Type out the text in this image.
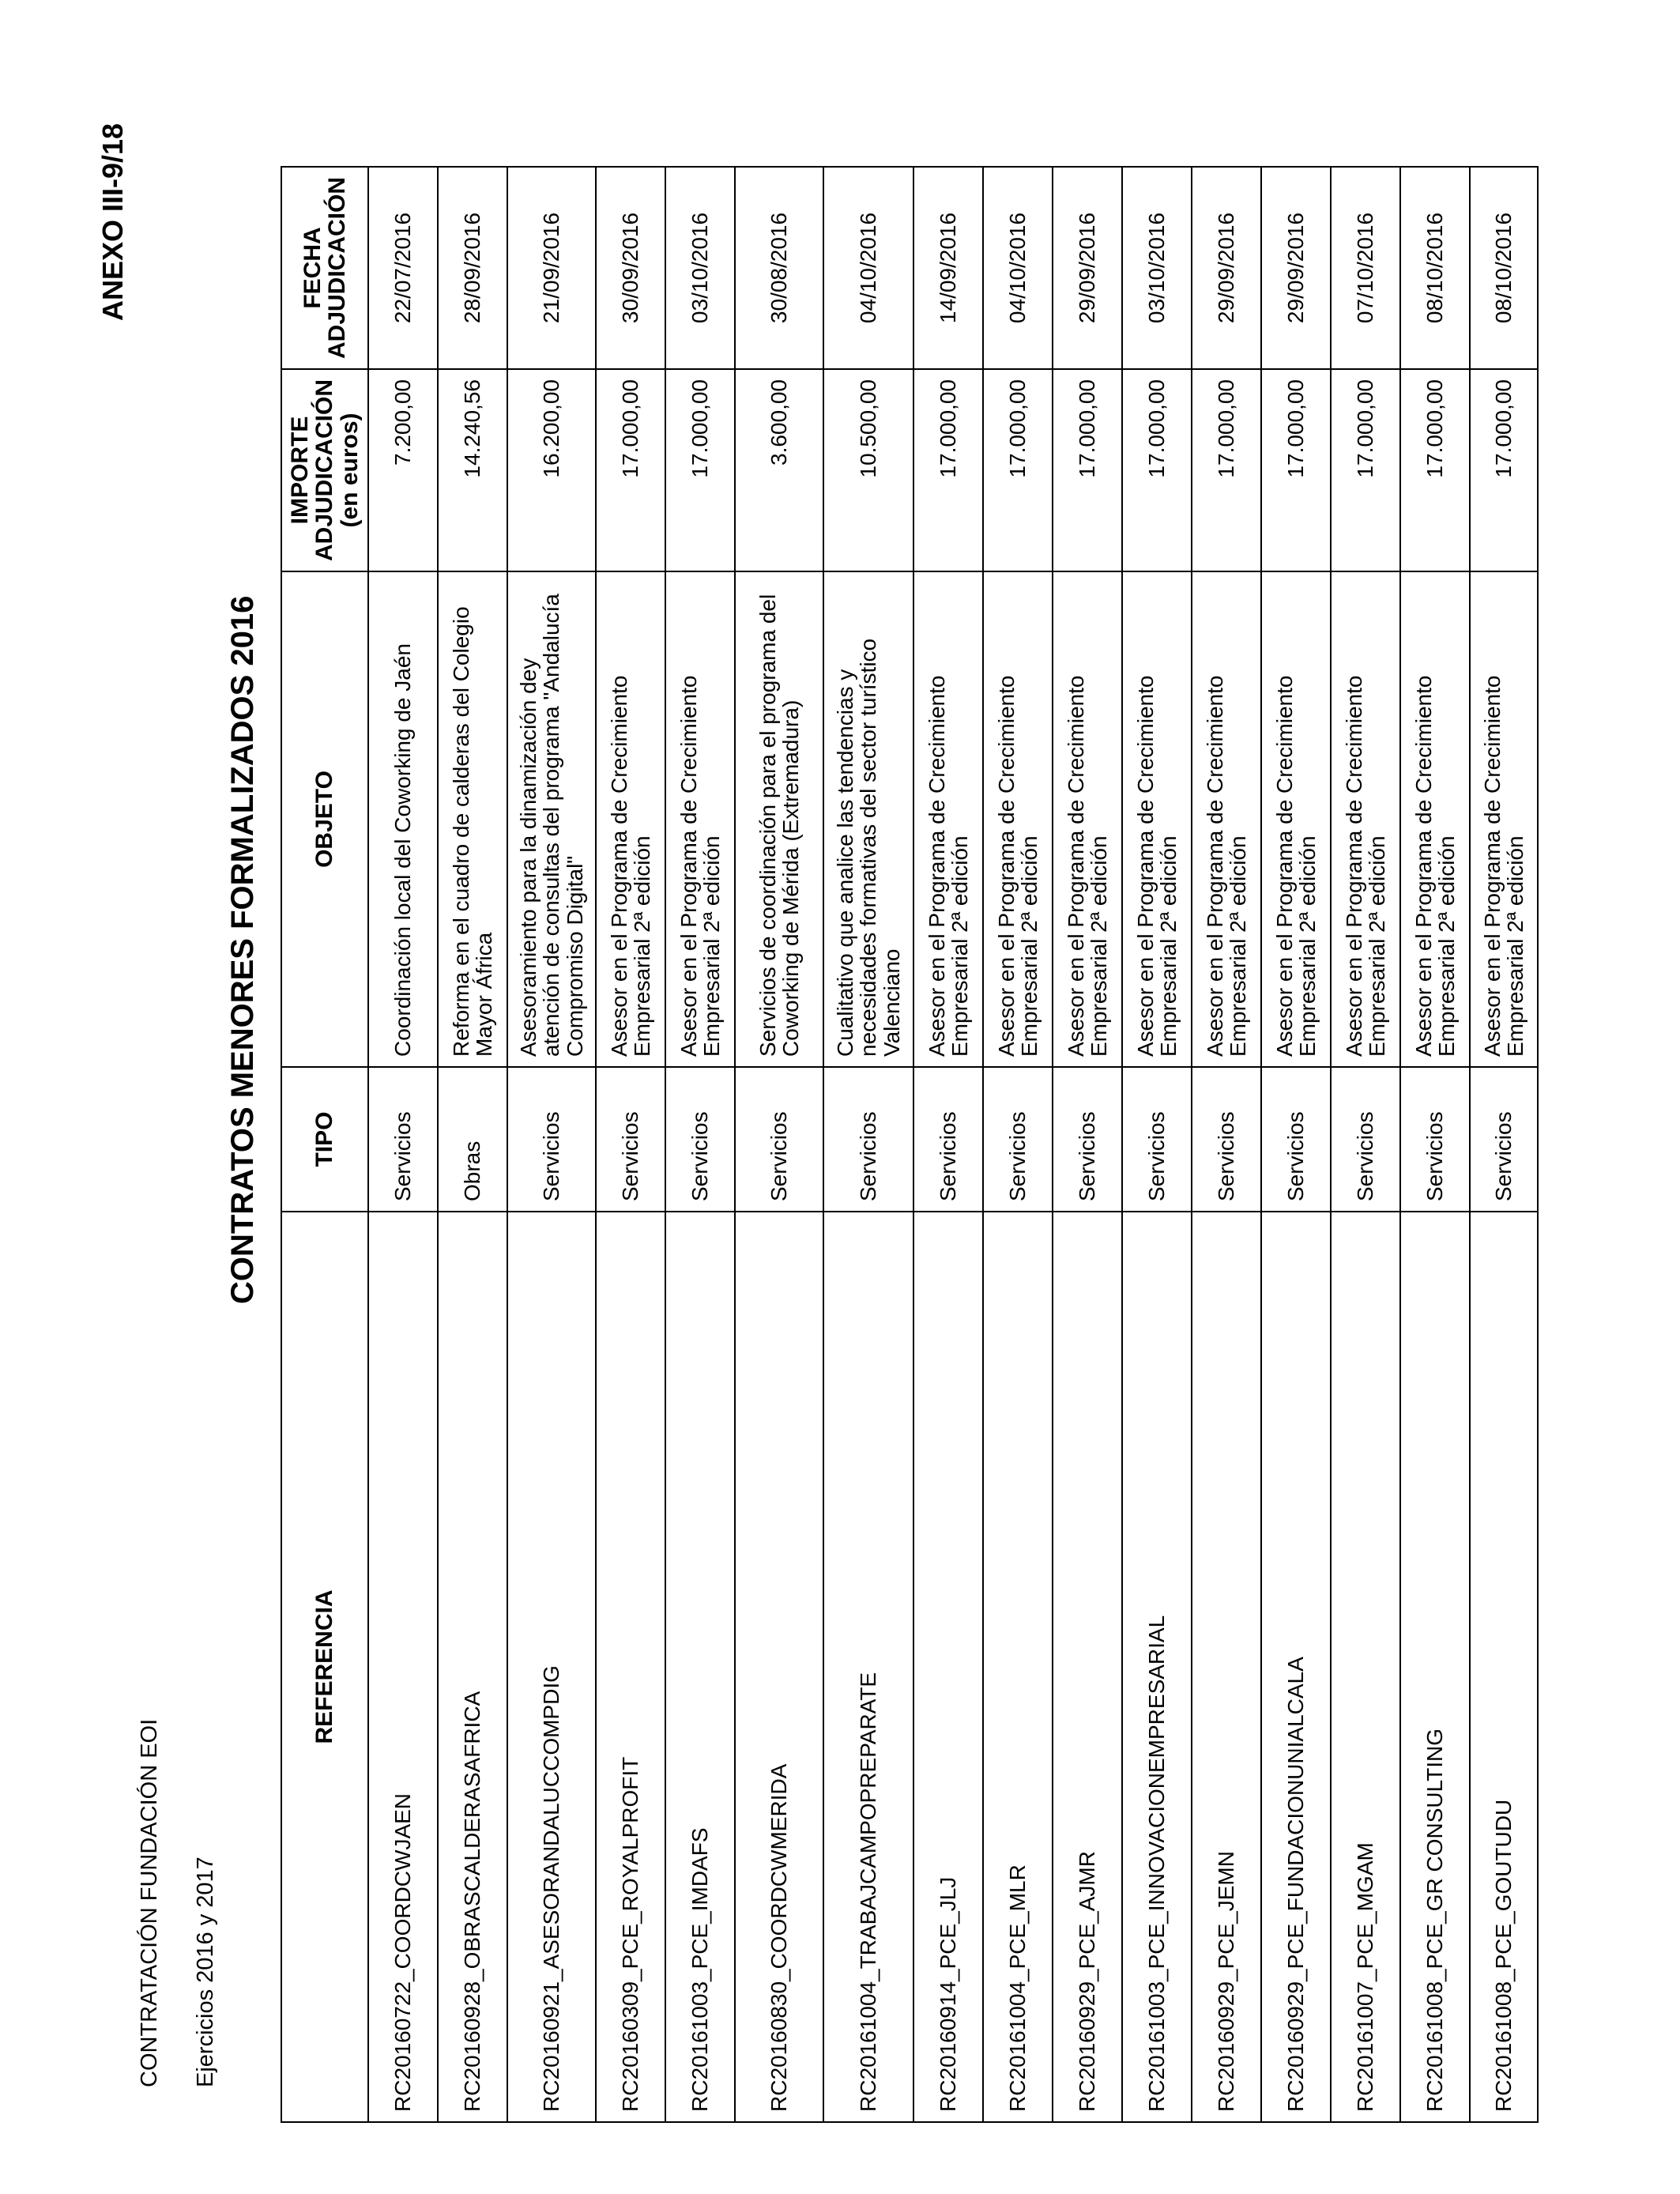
CONTRATACIÓN FUNDACIÓN EOI Ejercicios 2016 y 2017
ANEXO III-9/18
CONTRATOS MENORES FORMALIZADOS 2016
REFERENCIA	TIPO	OBJETO	IMPORTE ADJUDICACIÓN (en euros)	FECHA ADJUDICACIÓN
RC20160722_COORDCWJAEN	Servicios	Coordinación local del Coworking de Jaén	7.200,00	22/07/2016
RC20160928_OBRASCALDERASAFRICA	Obras	Reforma en el cuadro de calderas del Colegio Mayor África	14.240,56	28/09/2016
RC20160921_ASESORANDALUCCOMPDIG	Servicios	Asesoramiento para la dinamización dey atención de consultas del programa "Andalucía Compromiso Digital"	16.200,00	21/09/2016
RC20160309_PCE_ROYALPROFIT	Servicios	Asesor en el Programa de Crecimiento Empresarial 2ª edición	17.000,00	30/09/2016
RC20161003_PCE_IMDAFS	Servicios	Asesor en el Programa de Crecimiento Empresarial 2ª edición	17.000,00	03/10/2016
RC20160830_COORDCWMERIDA	Servicios	Servicios de coordinación para el programa del Coworking de Mérida (Extremadura)	3.600,00	30/08/2016
RC20161004_TRABAJCAMPOPREPARATE	Servicios	Cualitativo que analice las tendencias y necesidades formativas del sector turístico Valenciano	10.500,00	04/10/2016
RC20160914_PCE_JLJ	Servicios	Asesor en el Programa de Crecimiento Empresarial 2ª edición	17.000,00	14/09/2016
RC20161004_PCE_MLR	Servicios	Asesor en el Programa de Crecimiento Empresarial 2ª edición	17.000,00	04/10/2016
RC20160929_PCE_AJMR	Servicios	Asesor en el Programa de Crecimiento Empresarial 2ª edición	17.000,00	29/09/2016
RC20161003_PCE_INNOVACIONEMPRESARIAL	Servicios	Asesor en el Programa de Crecimiento Empresarial 2ª edición	17.000,00	03/10/2016
RC20160929_PCE_JEMN	Servicios	Asesor en el Programa de Crecimiento Empresarial 2ª edición	17.000,00	29/09/2016
RC20160929_PCE_FUNDACIONUNIALCALA	Servicios	Asesor en el Programa de Crecimiento Empresarial 2ª edición	17.000,00	29/09/2016
RC20161007_PCE_MGAM	Servicios	Asesor en el Programa de Crecimiento Empresarial 2ª edición	17.000,00	07/10/2016
RC20161008_PCE_GR CONSULTING	Servicios	Asesor en el Programa de Crecimiento Empresarial 2ª edición	17.000,00	08/10/2016
RC20161008_PCE_GOUTUDU	Servicios	Asesor en el Programa de Crecimiento Empresarial 2ª edición	17.000,00	08/10/2016
